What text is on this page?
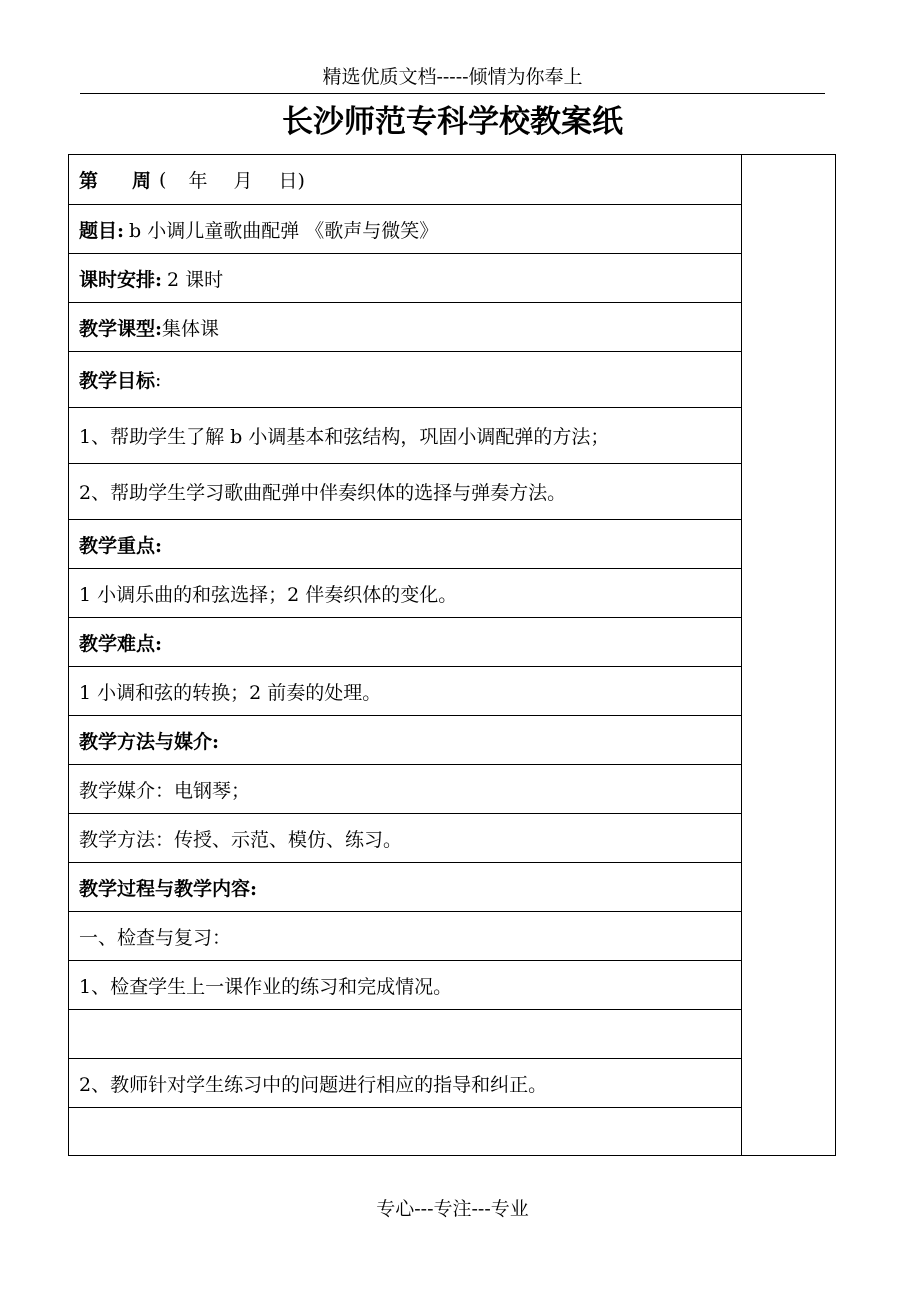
精选优质文档-----倾情为你奉上
长沙师范专科学校教案纸
第 周 ( 年 月 日)
题目: b 小调儿童歌曲配弹 《歌声与微笑》
课时安排: 2 课时
教学课型: 集体课
教学目标 :
1、帮助学生了解 b 小调基本和弦结构，巩固小调配弹的方法；
2、帮助学生学习歌曲配弹中伴奏织体的选择与弹奏方法。
教学重点:
1 小调乐曲的和弦选择；2 伴奏织体的变化。
教学难点:
1 小调和弦的转换；2 前奏的处理。
教学方法与媒介:
教学媒介：电钢琴；
教学方法：传授、示范、模仿、练习。
教学过程与教学内容:
一、检查与复习：
1、检查学生上一课作业的练习和完成情况。
2、教师针对学生练习中的问题进行相应的指导和纠正。
专心---专注---专业
